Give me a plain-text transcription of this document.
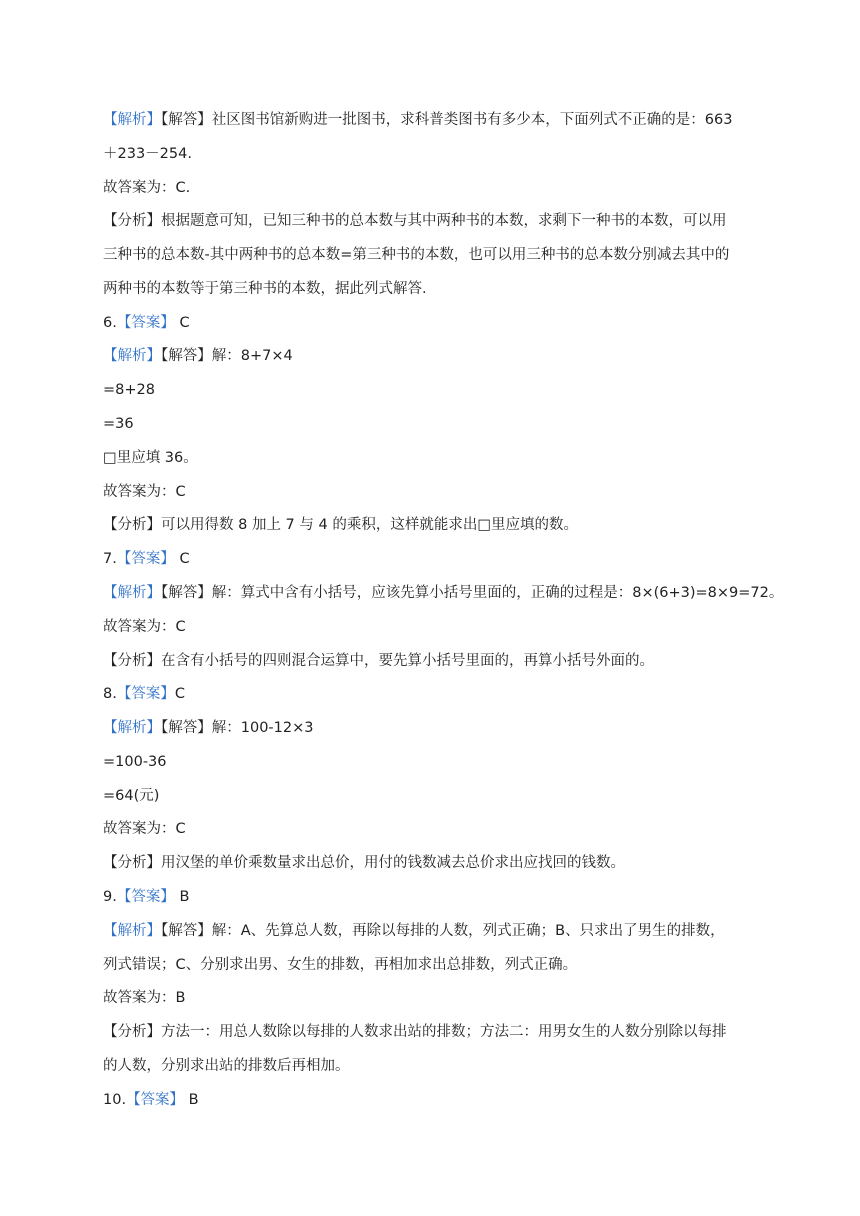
【解析】【解答】社区图书馆新购进一批图书，求科普类图书有多少本，下面列式不正确的是：663
＋233－254.
故答案为：C.
【分析】根据题意可知，已知三种书的总本数与其中两种书的本数，求剩下一种书的本数，可以用
三种书的总本数-其中两种书的总本数=第三种书的本数，也可以用三种书的总本数分别减去其中的
两种书的本数等于第三种书的本数，据此列式解答.
6.【答案】 C
【解析】【解答】解：8+7×4
=8+28
=36
□里应填 36。
故答案为：C
【分析】可以用得数 8 加上 7 与 4 的乘积，这样就能求出□里应填的数。
7.【答案】 C
【解析】【解答】解：算式中含有小括号，应该先算小括号里面的，正确的过程是：8×(6+3)=8×9=72。
故答案为：C
【分析】在含有小括号的四则混合运算中，要先算小括号里面的，再算小括号外面的。
8.【答案】C
【解析】【解答】解：100-12×3
=100-36
=64(元)
故答案为：C
【分析】用汉堡的单价乘数量求出总价，用付的钱数减去总价求出应找回的钱数。
9.【答案】 B
【解析】【解答】解：A、先算总人数，再除以每排的人数，列式正确；B、只求出了男生的排数，
列式错误；C、分别求出男、女生的排数，再相加求出总排数，列式正确。
故答案为：B
【分析】方法一：用总人数除以每排的人数求出站的排数；方法二：用男女生的人数分别除以每排
的人数，分别求出站的排数后再相加。
10.【答案】 B
